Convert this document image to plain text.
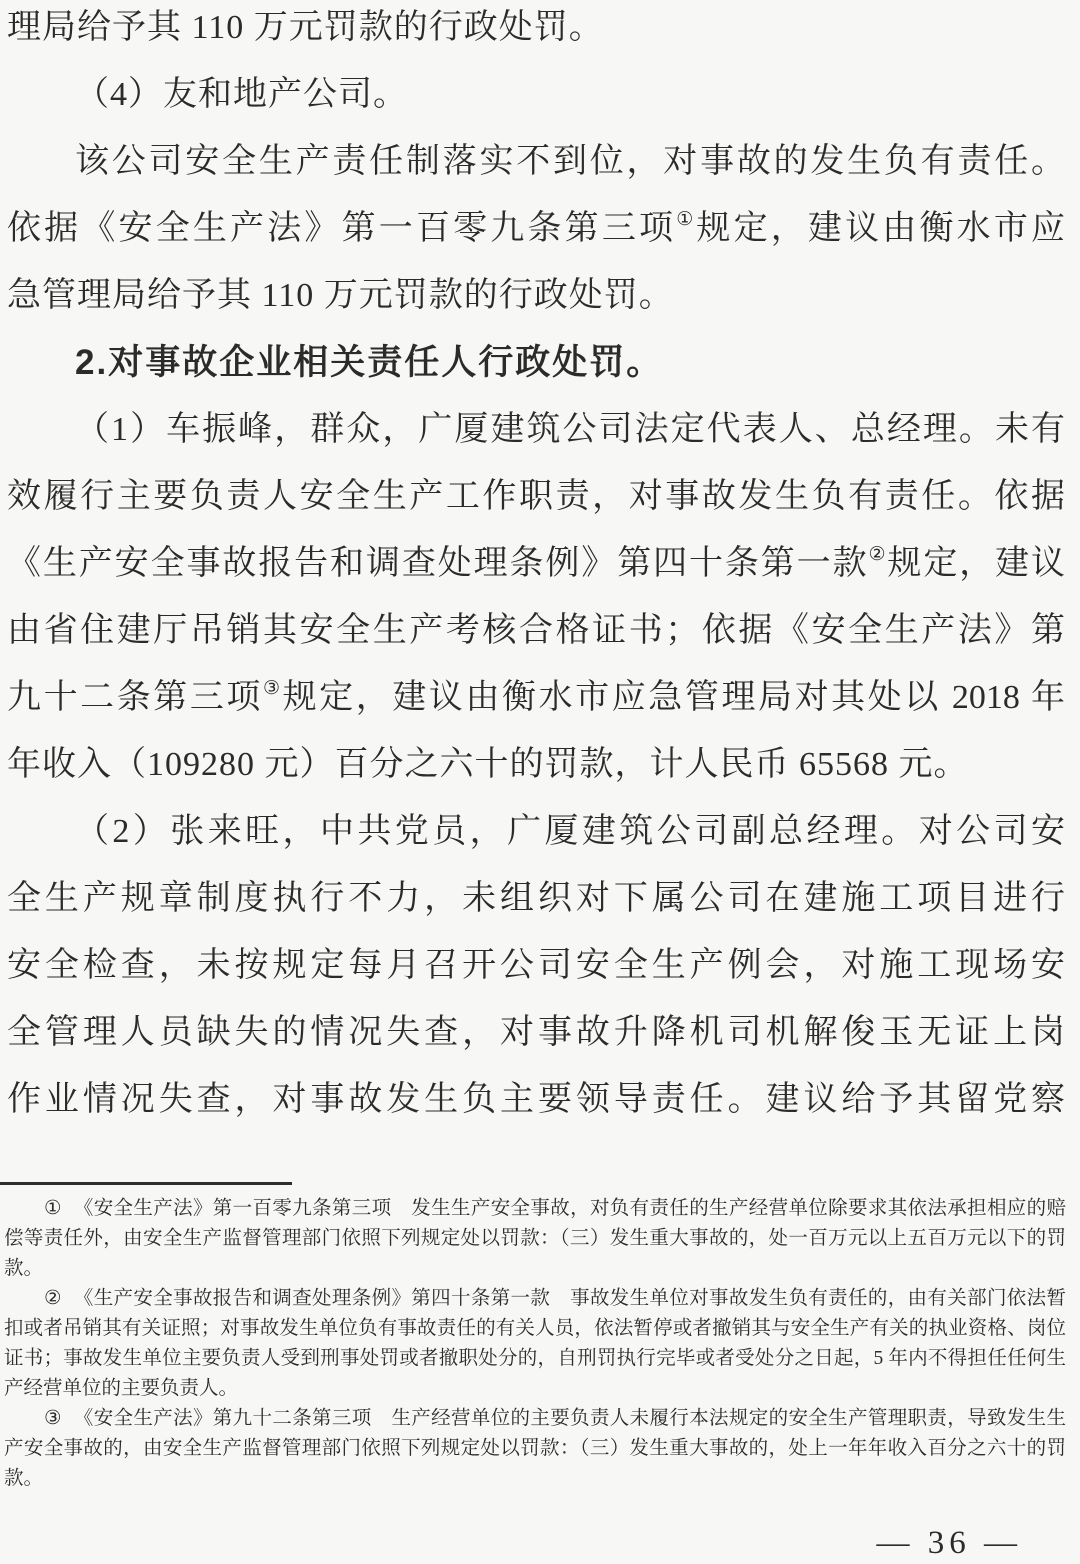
理局给予其 110 万元罚款的行政处罚。
（4）友和地产公司。
该公司安全生产责任制落实不到位，对事故的发生负有责任。
依据《安全生产法》第一百零九条第三项①规定，建议由衡水市应
急管理局给予其 110 万元罚款的行政处罚。
2.对事故企业相关责任人行政处罚。
（1）车振峰，群众，广厦建筑公司法定代表人、总经理。未有
效履行主要负责人安全生产工作职责，对事故发生负有责任。依据
《生产安全事故报告和调查处理条例》第四十条第一款②规定，建议
由省住建厅吊销其安全生产考核合格证书；依据《安全生产法》第
九十二条第三项③规定，建议由衡水市应急管理局对其处以 2018 年
年收入（109280 元）百分之六十的罚款，计人民币 65568 元。
（2）张来旺，中共党员，广厦建筑公司副总经理。对公司安
全生产规章制度执行不力，未组织对下属公司在建施工项目进行
安全检查，未按规定每月召开公司安全生产例会，对施工现场安
全管理人员缺失的情况失查，对事故升降机司机解俊玉无证上岗
作业情况失查，对事故发生负主要领导责任。建议给予其留党察

① 《安全生产法》第一百零九条第三项　发生生产安全事故，对负有责任的生产经营单位除要求其依法承担相应的赔偿等责任外，由安全生产监督管理部门依照下列规定处以罚款：（三）发生重大事故的，处一百万元以上五百万元以下的罚款。

② 《生产安全事故报告和调查处理条例》第四十条第一款　事故发生单位对事故发生负有责任的，由有关部门依法暂扣或者吊销其有关证照；对事故发生单位负有事故责任的有关人员，依法暂停或者撤销其与安全生产有关的执业资格、岗位证书；事故发生单位主要负责人受到刑事处罚或者撤职处分的，自刑罚执行完毕或者受处分之日起，5 年内不得担任任何生产经营单位的主要负责人。

③ 《安全生产法》第九十二条第三项　生产经营单位的主要负责人未履行本法规定的安全生产管理职责，导致发生生产安全事故的，由安全生产监督管理部门依照下列规定处以罚款：（三）发生重大事故的，处上一年年收入百分之六十的罚款。

— 36 —
